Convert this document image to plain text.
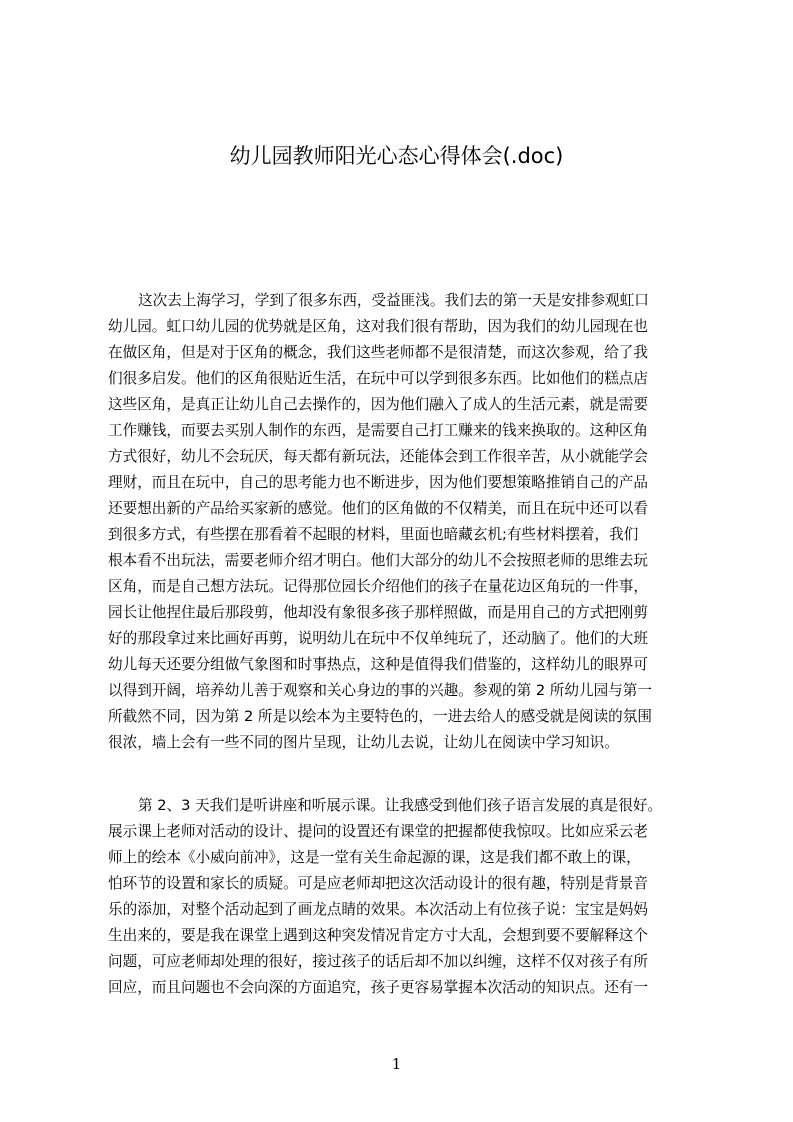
幼儿园教师阳光心态心得体会(.doc)
这次去上海学习，学到了很多东西，受益匪浅。我们去的第一天是安排参观虹口
幼儿园。虹口幼儿园的优势就是区角，这对我们很有帮助，因为我们的幼儿园现在也
在做区角，但是对于区角的概念，我们这些老师都不是很清楚，而这次参观，给了我
们很多启发。他们的区角很贴近生活，在玩中可以学到很多东西。比如他们的糕点店
这些区角，是真正让幼儿自己去操作的，因为他们融入了成人的生活元素，就是需要
工作赚钱，而要去买别人制作的东西，是需要自己打工赚来的钱来换取的。这种区角
方式很好，幼儿不会玩厌，每天都有新玩法，还能体会到工作很辛苦，从小就能学会
理财，而且在玩中，自己的思考能力也不断进步，因为他们要想策略推销自己的产品
还要想出新的产品给买家新的感觉。他们的区角做的不仅精美，而且在玩中还可以看
到很多方式，有些摆在那看着不起眼的材料，里面也暗藏玄机;有些材料摆着，我们
根本看不出玩法，需要老师介绍才明白。他们大部分的幼儿不会按照老师的思维去玩
区角，而是自己想方法玩。记得那位园长介绍他们的孩子在量花边区角玩的一件事，
园长让他捏住最后那段剪，他却没有象很多孩子那样照做，而是用自己的方式把刚剪
好的那段拿过来比画好再剪，说明幼儿在玩中不仅单纯玩了，还动脑了。他们的大班
幼儿每天还要分组做气象图和时事热点，这种是值得我们借鉴的，这样幼儿的眼界可
以得到开阔，培养幼儿善于观察和关心身边的事的兴趣。参观的第 2 所幼儿园与第一
所截然不同，因为第 2 所是以绘本为主要特色的，一进去给人的感受就是阅读的氛围
很浓，墙上会有一些不同的图片呈现，让幼儿去说，让幼儿在阅读中学习知识。
第 2、3 天我们是听讲座和听展示课。让我感受到他们孩子语言发展的真是很好。
展示课上老师对活动的设计、提问的设置还有课堂的把握都使我惊叹。比如应采云老
师上的绘本《小威向前冲》，这是一堂有关生命起源的课，这是我们都不敢上的课，
怕环节的设置和家长的质疑。可是应老师却把这次活动设计的很有趣，特别是背景音
乐的添加，对整个活动起到了画龙点睛的效果。本次活动上有位孩子说：宝宝是妈妈
生出来的，要是我在课堂上遇到这种突发情况肯定方寸大乱，会想到要不要解释这个
问题，可应老师却处理的很好，接过孩子的话后却不加以纠缠，这样不仅对孩子有所
回应，而且问题也不会向深的方面追究，孩子更容易掌握本次活动的知识点。还有一
1
